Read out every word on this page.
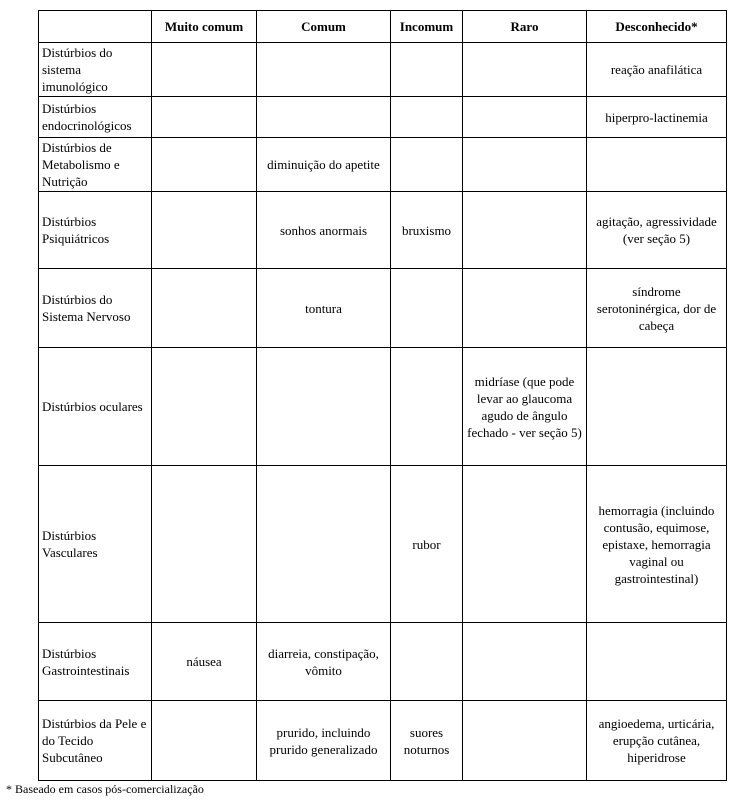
	Muito comum	Comum	Incomum	Raro	Desconhecido*
Distúrbios do sistema imunológico					reação anafilática
Distúrbios endocrinológicos					hiperpro-lactinemia
Distúrbios de Metabolismo e Nutrição		diminuição do apetite			
Distúrbios Psiquiátricos		sonhos anormais	bruxismo		agitação, agressividade (ver seção 5)
Distúrbios do Sistema Nervoso		tontura			síndrome serotoninérgica, dor de cabeça
Distúrbios oculares				midríase (que pode levar ao glaucoma agudo de ângulo fechado - ver seção 5)	
Distúrbios Vasculares			rubor		hemorragia (incluindo contusão, equimose, epistaxe, hemorragia vaginal ou gastrointestinal)
Distúrbios Gastrointestinais	náusea	diarreia, constipação, vômito			
Distúrbios da Pele e do Tecido Subcutâneo		prurido, incluindo prurido generalizado	suores noturnos		angioedema, urticária, erupção cutânea, hiperidrose
* Baseado em casos pós-comercialização
